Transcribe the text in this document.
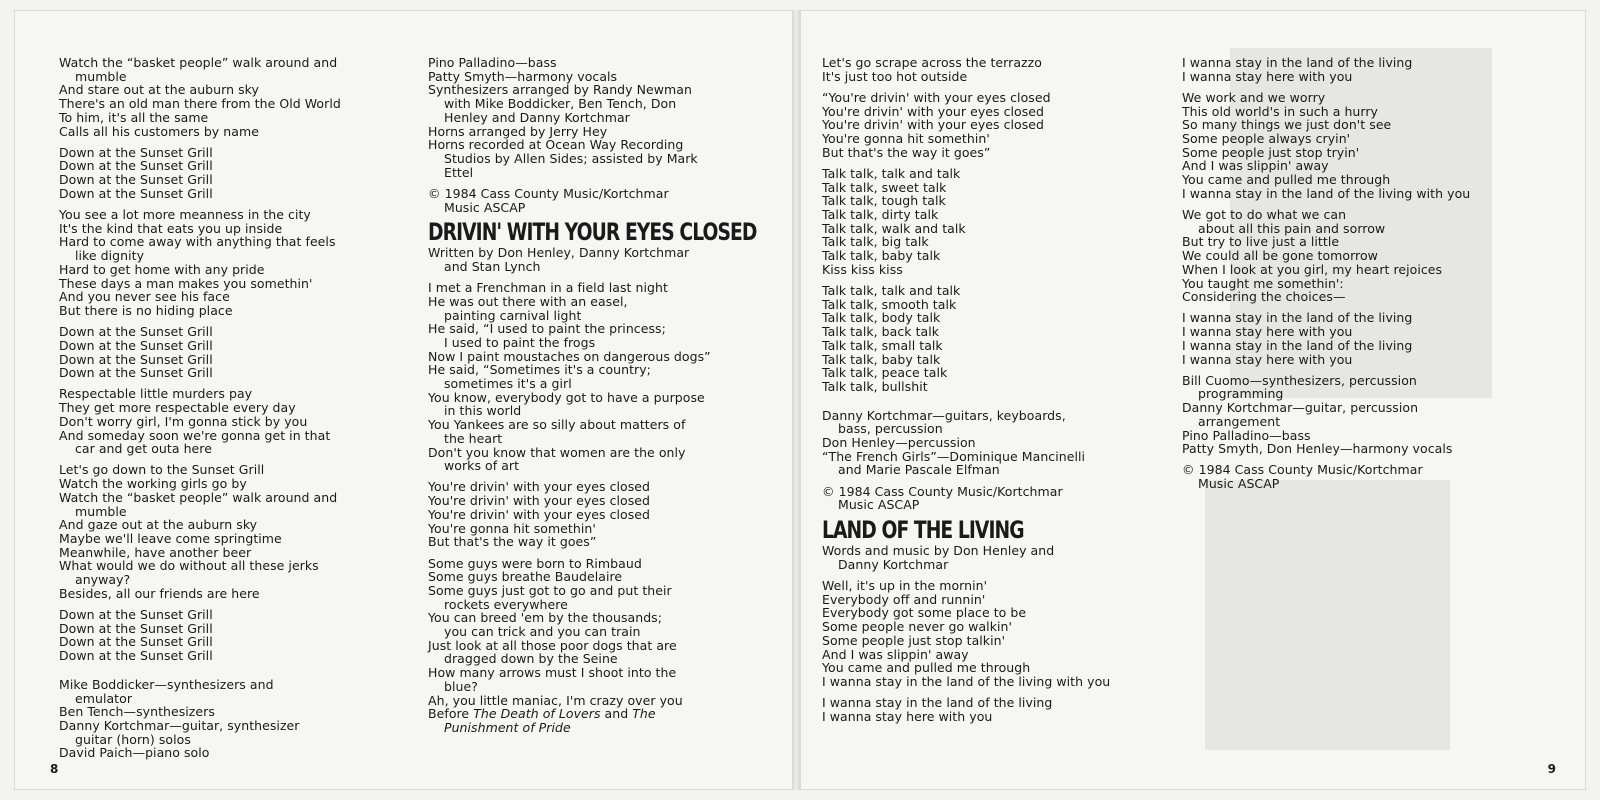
Watch the “basket people” walk around and
mumble
And stare out at the auburn sky
There's an old man there from the Old World
To him, it's all the same
Calls all his customers by name
Down at the Sunset Grill
Down at the Sunset Grill
Down at the Sunset Grill
Down at the Sunset Grill
You see a lot more meanness in the city
It's the kind that eats you up inside
Hard to come away with anything that feels
like dignity
Hard to get home with any pride
These days a man makes you somethin'
And you never see his face
But there is no hiding place
Down at the Sunset Grill
Down at the Sunset Grill
Down at the Sunset Grill
Down at the Sunset Grill
Respectable little murders pay
They get more respectable every day
Don't worry girl, I'm gonna stick by you
And someday soon we're gonna get in that
car and get outa here
Let's go down to the Sunset Grill
Watch the working girls go by
Watch the “basket people” walk around and
mumble
And gaze out at the auburn sky
Maybe we'll leave come springtime
Meanwhile, have another beer
What would we do without all these jerks
anyway?
Besides, all our friends are here
Down at the Sunset Grill
Down at the Sunset Grill
Down at the Sunset Grill
Down at the Sunset Grill
Mike Boddicker—synthesizers and
emulator
Ben Tench—synthesizers
Danny Kortchmar—guitar, synthesizer
guitar (horn) solos
David Paich—piano solo
Pino Palladino—bass
Patty Smyth—harmony vocals
Synthesizers arranged by Randy Newman
with Mike Boddicker, Ben Tench, Don
Henley and Danny Kortchmar
Horns arranged by Jerry Hey
Horns recorded at Ocean Way Recording
Studios by Allen Sides; assisted by Mark
Ettel
© 1984 Cass County Music/Kortchmar
Music ASCAP
DRIVIN' WITH YOUR EYES CLOSED
Written by Don Henley, Danny Kortchmar
and Stan Lynch
I met a Frenchman in a field last night
He was out there with an easel,
painting carnival light
He said, “I used to paint the princess;
I used to paint the frogs
Now I paint moustaches on dangerous dogs”
He said, “Sometimes it's a country;
sometimes it's a girl
You know, everybody got to have a purpose
in this world
You Yankees are so silly about matters of
the heart
Don't you know that women are the only
works of art
You're drivin' with your eyes closed
You're drivin' with your eyes closed
You're drivin' with your eyes closed
You're gonna hit somethin'
But that's the way it goes”
Some guys were born to Rimbaud
Some guys breathe Baudelaire
Some guys just got to go and put their
rockets everywhere
You can breed 'em by the thousands;
you can trick and you can train
Just look at all those poor dogs that are
dragged down by the Seine
How many arrows must I shoot into the
blue?
Ah, you little maniac, I'm crazy over you
Before The Death of Lovers and The
Punishment of Pride
8
Let's go scrape across the terrazzo
It's just too hot outside
“You're drivin' with your eyes closed
You're drivin' with your eyes closed
You're drivin' with your eyes closed
You're gonna hit somethin'
But that's the way it goes”
Talk talk, talk and talk
Talk talk, sweet talk
Talk talk, tough talk
Talk talk, dirty talk
Talk talk, walk and talk
Talk talk, big talk
Talk talk, baby talk
Kiss kiss kiss
Talk talk, talk and talk
Talk talk, smooth talk
Talk talk, body talk
Talk talk, back talk
Talk talk, small talk
Talk talk, baby talk
Talk talk, peace talk
Talk talk, bullshit
Danny Kortchmar—guitars, keyboards,
bass, percussion
Don Henley—percussion
“The French Girls”—Dominique Mancinelli
and Marie Pascale Elfman
© 1984 Cass County Music/Kortchmar
Music ASCAP
LAND OF THE LIVING
Words and music by Don Henley and
Danny Kortchmar
Well, it's up in the mornin'
Everybody off and runnin'
Everybody got some place to be
Some people never go walkin'
Some people just stop talkin'
And I was slippin' away
You came and pulled me through
I wanna stay in the land of the living with you
I wanna stay in the land of the living
I wanna stay here with you
I wanna stay in the land of the living
I wanna stay here with you
We work and we worry
This old world's in such a hurry
So many things we just don't see
Some people always cryin'
Some people just stop tryin'
And I was slippin' away
You came and pulled me through
I wanna stay in the land of the living with you
We got to do what we can
about all this pain and sorrow
But try to live just a little
We could all be gone tomorrow
When I look at you girl, my heart rejoices
You taught me somethin':
Considering the choices—
I wanna stay in the land of the living
I wanna stay here with you
I wanna stay in the land of the living
I wanna stay here with you
Bill Cuomo—synthesizers, percussion
programming
Danny Kortchmar—guitar, percussion
arrangement
Pino Palladino—bass
Patty Smyth, Don Henley—harmony vocals
© 1984 Cass County Music/Kortchmar
Music ASCAP
9
